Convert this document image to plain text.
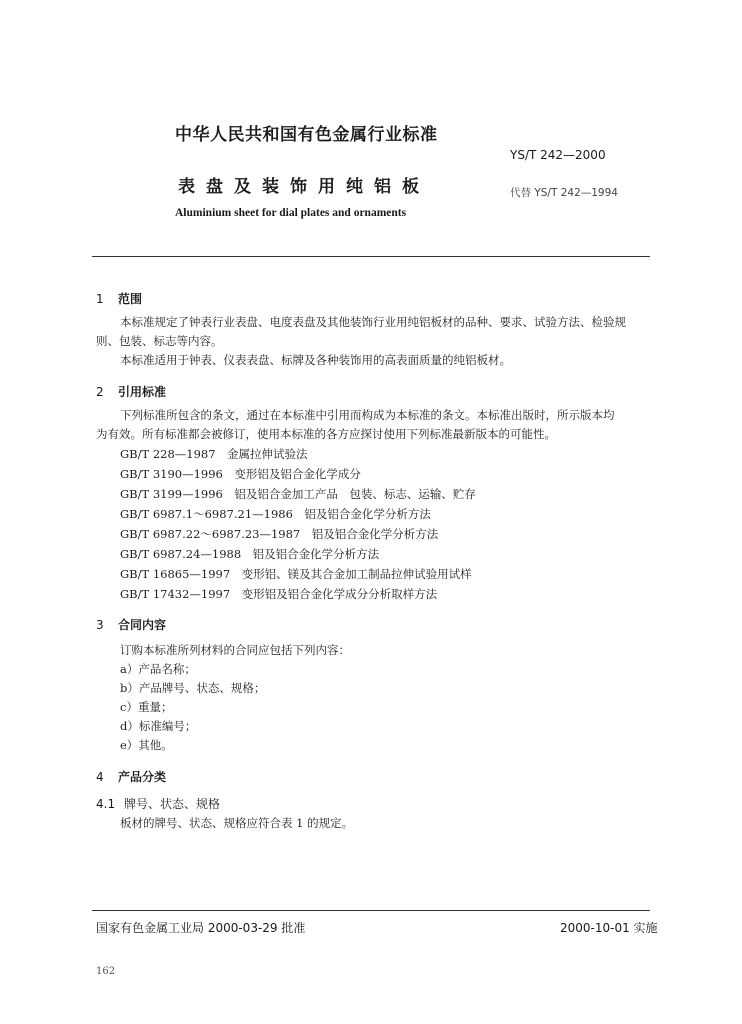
中华人民共和国有色金属行业标准
YS/T 242—2000
表盘及装饰用纯铝板	代替 YS/T 242—1994
Aluminium sheet for dial plates and ornaments
1 范围
本标准规定了钟表行业表盘、电度表盘及其他装饰行业用纯铝板材的品种、要求、试验方法、检验规
则、包装、标志等内容。
本标准适用于钟表、仪表表盘、标牌及各种装饰用的高表面质量的纯铝板材。
2 引用标准
下列标准所包含的条文，通过在本标准中引用而构成为本标准的条文。本标准出版时，所示版本均
为有效。所有标准都会被修订，使用本标准的各方应探讨使用下列标准最新版本的可能性。
GB/T 228—1987　金属拉伸试验法
GB/T 3190—1996　变形铝及铝合金化学成分
GB/T 3199—1996　铝及铝合金加工产品　包装、标志、运输、贮存
GB/T 6987.1～6987.21—1986　铝及铝合金化学分析方法
GB/T 6987.22～6987.23—1987　铝及铝合金化学分析方法
GB/T 6987.24—1988　铝及铝合金化学分析方法
GB/T 16865—1997　变形铝、镁及其合金加工制品拉伸试验用试样
GB/T 17432—1997　变形铝及铝合金化学成分分析取样方法
3 合同内容
订购本标准所列材料的合同应包括下列内容：
a）产品名称；
b）产品牌号、状态、规格；
c）重量；
d）标准编号；
e）其他。
4 产品分类
4.1 牌号、状态、规格
板材的牌号、状态、规格应符合表 1 的规定。
国家有色金属工业局 2000-03-29 批准	2000-10-01 实施
162
